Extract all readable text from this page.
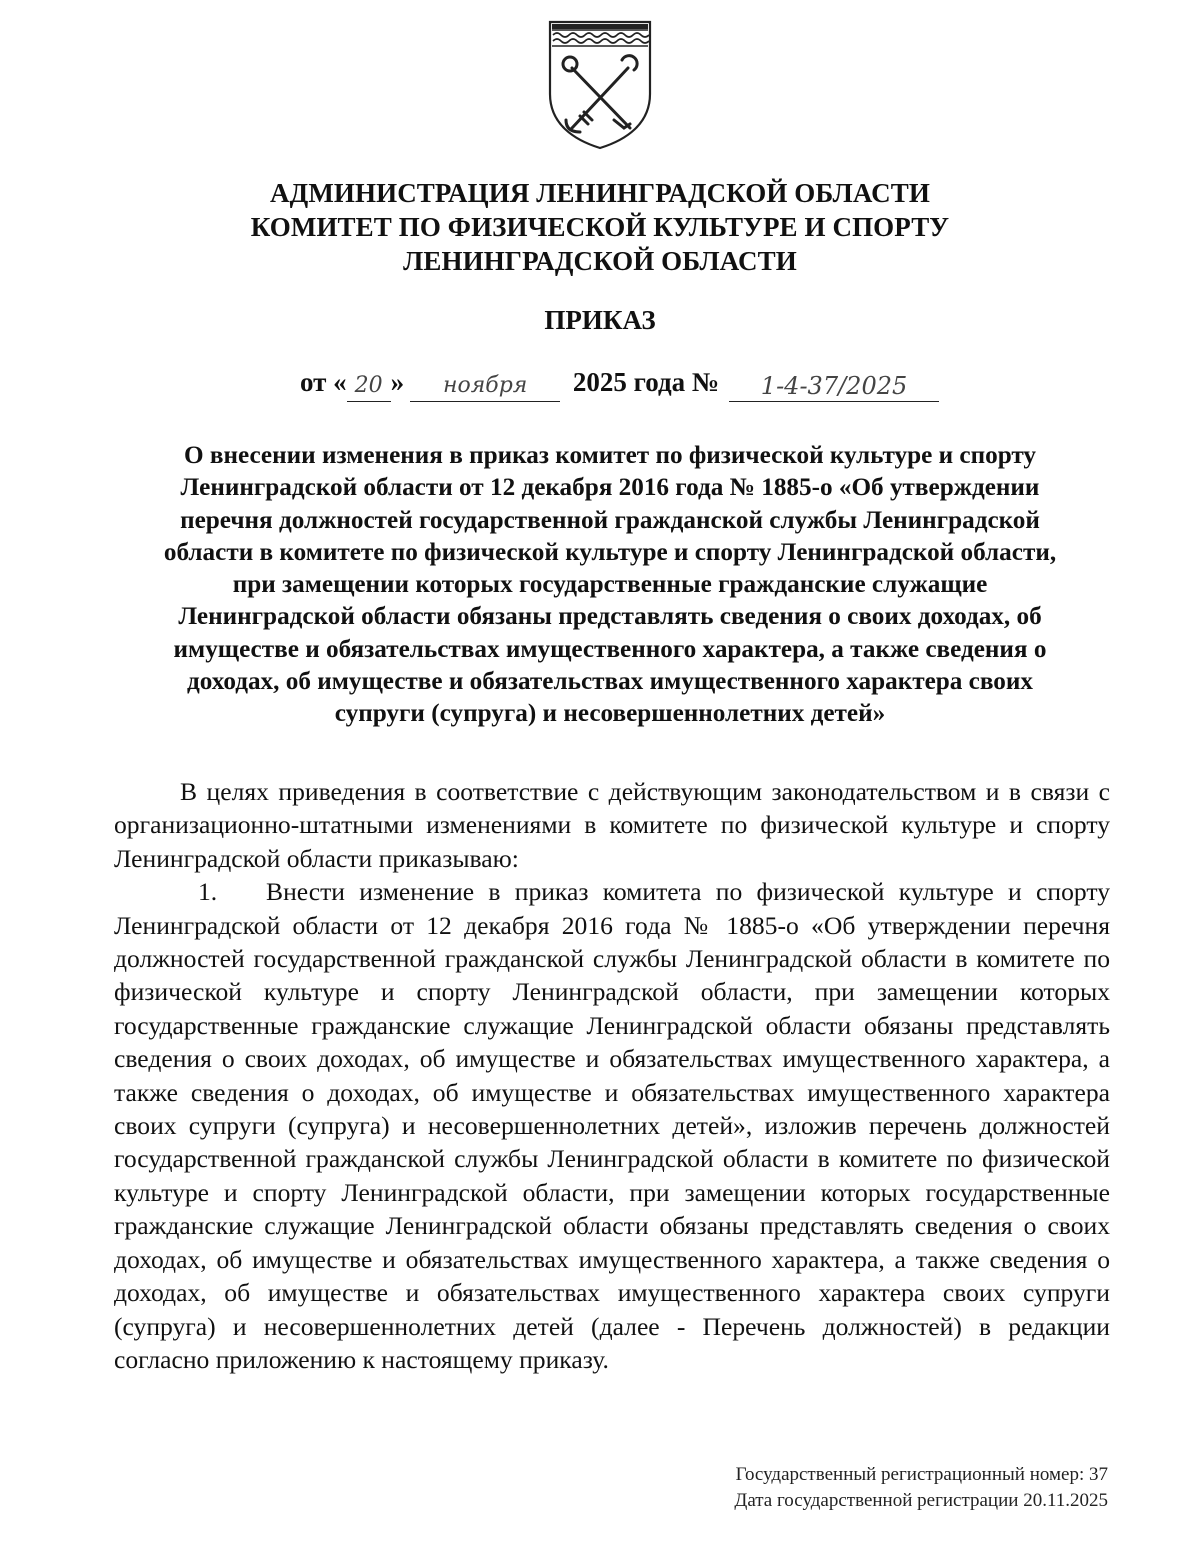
АДМИНИСТРАЦИЯ ЛЕНИНГРАДСКОЙ ОБЛАСТИ
КОМИТЕТ ПО ФИЗИЧЕСКОЙ КУЛЬТУРЕ И СПОРТУ
ЛЕНИНГРАДСКОЙ ОБЛАСТИ
ПРИКАЗ
от « 20 » ноября 2025 года № 1-4-37/2025
О внесении изменения в приказ комитет по физической культуре и спорту
Ленинградской области от 12 декабря 2016 года № 1885-о «Об утверждении
перечня должностей государственной гражданской службы Ленинградской
области в комитете по физической культуре и спорту Ленинградской области,
при замещении которых государственные гражданские служащие
Ленинградской области обязаны представлять сведения о своих доходах, об
имуществе и обязательствах имущественного характера, а также сведения о
доходах, об имуществе и обязательствах имущественного характера своих
супруги (супруга) и несовершеннолетних детей»

В целях приведения в соответствие с действующим законодательством и в связи с организационно-штатными изменениями в комитете по физической культуре и спорту Ленинградской области приказываю:

1. Внести изменение в приказ комитета по физической культуре и спорту Ленинградской области от 12 декабря 2016 года № 1885-о «Об утверждении перечня должностей государственной гражданской службы Ленинградской области в комитете по физической культуре и спорту Ленинградской области, при замещении которых государственные гражданские служащие Ленинградской области обязаны представлять сведения о своих доходах, об имуществе и обязательствах имущественного характера, а также сведения о доходах, об имуществе и обязательствах имущественного характера своих супруги (супруга) и несовершеннолетних детей», изложив перечень должностей государственной гражданской службы Ленинградской области в комитете по физической культуре и спорту Ленинградской области, при замещении которых государственные гражданские служащие Ленинградской области обязаны представлять сведения о своих доходах, об имуществе и обязательствах имущественного характера, а также сведения о доходах, об имуществе и обязательствах имущественного характера своих супруги (супруга) и несовершеннолетних детей (далее - Перечень должностей) в редакции согласно приложению к настоящему приказу.

Государственный регистрационный номер: 37
Дата государственной регистрации 20.11.2025
